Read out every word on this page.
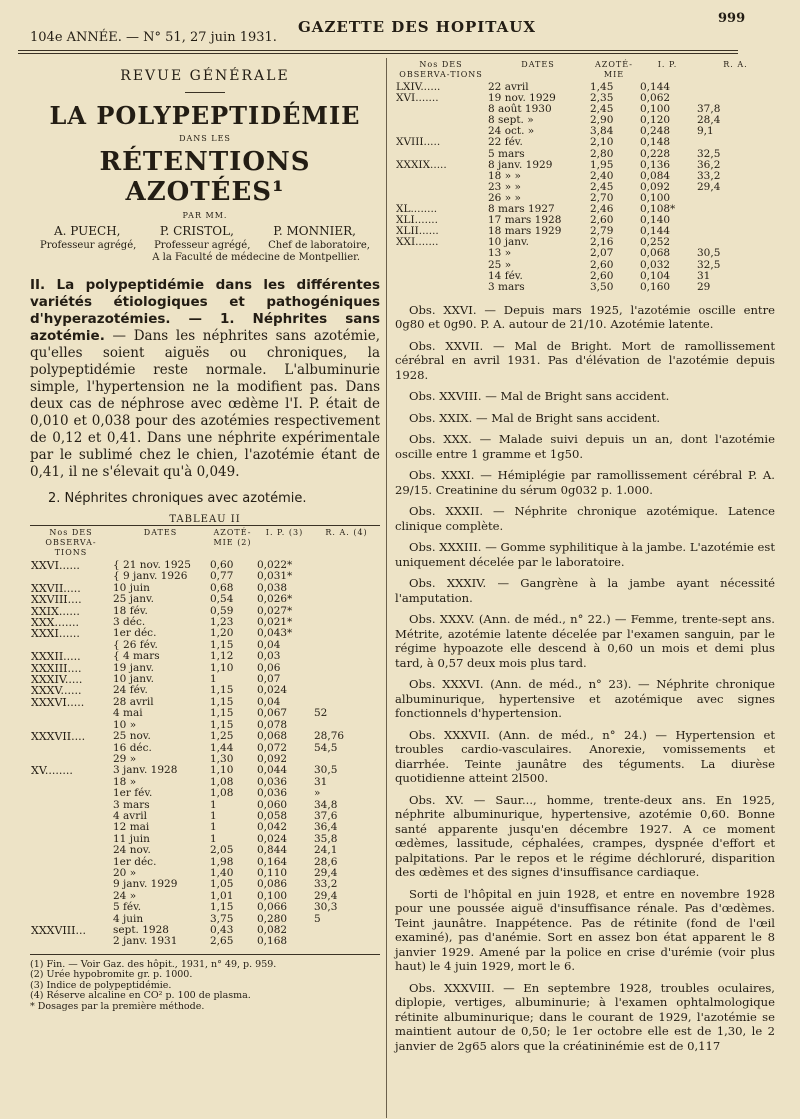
104e ANNÉE. — N° 51, 27 juin 1931.
GAZETTE DES HOPITAUX	999
REVUE GÉNÉRALE
LA POLYPEPTIDÉMIE
DANS LES
RÉTENTIONS AZOTÉES¹
PAR MM.
A. PUECH,	P. CRISTOL,	P. MONNIER,
Professeur agrégé, Professeur agrégé, Chef de laboratoire,
A la Faculté de médecine de Montpellier.

II. La polypeptidémie dans les différentes variétés étiologiques et pathogéniques d'hyperazotémies. — 1. Néphrites sans azotémie. — Dans les néphrites sans azotémie, qu'elles soient aiguës ou chroniques, la polypeptidémie reste normale. L'albuminurie simple, l'hypertension ne la modifient pas. Dans deux cas de néphrose avec œdème l'I. P. était de 0,010 et 0,038 pour des azotémies respectivement de 0,12 et 0,41. Dans une néphrite expérimentale par le sublimé chez le chien, l'azotémie étant de 0,41, il ne s'élevait qu'à 0,049.

2. Néphrites chroniques avec azotémie.
TABLEAU II
Nos DES OBSERVA-TIONS	DATES	AZOTÉ-MIE (2)	I. P. (3)	R. A. (4)
XXVI......	{ 21 nov. 1925	0,60	0,022*	
	{ 9 janv. 1926	0,77	0,031*	
XXVII.....	10 juin	0,68	0,038	
XXVIII....	25 janv.	0,54	0,026*	
XXIX......	18 fév.	0,59	0,027*	
XXX.......	3 déc.	1,23	0,021*	
XXXI......	1er déc.	1,20	0,043*	
	{ 26 fév.	1,15	0,04	
XXXII.....	{ 4 mars	1,12	0,03	
XXXIII....	19 janv.	1,10	0,06	
XXXIV.....	10 janv.	1	0,07	
XXXV......	24 fév.	1,15	0,024	
XXXVI.....	28 avril	1,15	0,04	
	4 mai	1,15	0,067	52
	10 »	1,15	0,078	
XXXVII....	25 nov.	1,25	0,068	28,76
	16 déc.	1,44	0,072	54,5
	29 »	1,30	0,092	
XV........	3 janv. 1928	1,10	0,044	30,5
	18 »	1,08	0,036	31
	1er fév.	1,08	0,036	»
	3 mars	1	0,060	34,8
	4 avril	1	0,058	37,6
	12 mai	1	0,042	36,4
	11 juin	1	0,024	35,8
	24 nov.	2,05	0,844	24,1
	1er déc.	1,98	0,164	28,6
	20 »	1,40	0,110	29,4
	9 janv. 1929	1,05	0,086	33,2
	24 »	1,01	0,100	29,4
	5 fév.	1,15	0,066	30,3
	4 juin	3,75	0,280	5
XXXVIII...	sept. 1928	0,43	0,082	
	2 janv. 1931	2,65	0,168	
(1) Fin. — Voir Gaz. des hôpit., 1931, n° 49, p. 959.
(2) Urée hypobromite gr. p. 1000.
(3) Indice de polypeptidémie.
(4) Réserve alcaline en CO² p. 100 de plasma.
* Dosages par la première méthode.
Nos DES OBSERVA-TIONS	DATES	AZOTÉ-MIE	I. P.	R. A.
LXIV......	22 avril	1,45	0,144	
XVI.......	19 nov. 1929	2,35	0,062	
	8 août 1930	2,45	0,100	37,8
	8 sept. »	2,90	0,120	28,4
	24 oct. »	3,84	0,248	9,1
XVIII.....	22 fév.	2,10	0,148	
	5 mars	2,80	0,228	32,5
XXXIX.....	8 janv. 1929	1,95	0,136	36,2
	18 » »	2,40	0,084	33,2
	23 » »	2,45	0,092	29,4
	26 » »	2,70	0,100	
XL........	8 mars 1927	2,46	0,108*	
XLI.......	17 mars 1928	2,60	0,140	
XLII......	18 mars 1929	2,79	0,144	
XXI.......	10 janv.	2,16	0,252	
	13 »	2,07	0,068	30,5
	25 »	2,60	0,032	32,5
	14 fév.	2,60	0,104	31
	3 mars	3,50	0,160	29

Obs. XXVI. — Depuis mars 1925, l'azotémie oscille entre 0g80 et 0g90. P. A. autour de 21/10. Azotémie latente.

Obs. XXVII. — Mal de Bright. Mort de ramollissement cérébral en avril 1931. Pas d'élévation de l'azotémie depuis 1928.

Obs. XXVIII. — Mal de Bright sans accident.

Obs. XXIX. — Mal de Bright sans accident.

Obs. XXX. — Malade suivi depuis un an, dont l'azotémie oscille entre 1 gramme et 1g50.

Obs. XXXI. — Hémiplégie par ramollissement cérébral P. A. 29/15. Creatinine du sérum 0g032 p. 1.000.

Obs. XXXII. — Néphrite chronique azotémique. Latence clinique complète.

Obs. XXXIII. — Gomme syphilitique à la jambe. L'azotémie est uniquement décelée par le laboratoire.

Obs. XXXIV. — Gangrène à la jambe ayant nécessité l'amputation.

Obs. XXXV. (Ann. de méd., n° 22.) — Femme, trente-sept ans. Métrite, azotémie latente décelée par l'examen sanguin, par le régime hypoazote elle descend à 0,60 un mois et demi plus tard, à 0,57 deux mois plus tard.

Obs. XXXVI. (Ann. de méd., n° 23). — Néphrite chronique albuminurique, hypertensive et azotémique avec signes fonctionnels d'hypertension.

Obs. XXXVII. (Ann. de méd., n° 24.) — Hypertension et troubles cardio-vasculaires. Anorexie, vomissements et diarrhée. Teinte jaunâtre des téguments. La diurèse quotidienne atteint 2l500.

Obs. XV. — Saur..., homme, trente-deux ans. En 1925, néphrite albuminurique, hypertensive, azotémie 0,60. Bonne santé apparente jusqu'en décembre 1927. A ce moment œdèmes, lassitude, céphalées, crampes, dyspnée d'effort et palpitations. Par le repos et le régime déchloruré, disparition des œdèmes et des signes d'insuffisance cardiaque.

Sorti de l'hôpital en juin 1928, et entre en novembre 1928 pour une poussée aiguë d'insuffisance rénale. Pas d'œdèmes. Teint jaunâtre. Inappétence. Pas de rétinite (fond de l'œil examiné), pas d'anémie. Sort en assez bon état apparent le 8 janvier 1929. Amené par la police en crise d'urémie (voir plus haut) le 4 juin 1929, mort le 6.

Obs. XXXVIII. — En septembre 1928, troubles oculaires, diplopie, vertiges, albuminurie; à l'examen ophtalmologique rétinite albuminurique; dans le courant de 1929, l'azotémie se maintient autour de 0,50; le 1er octobre elle est de 1,30, le 2 janvier de 2g65 alors que la créatininémie est de 0,117
